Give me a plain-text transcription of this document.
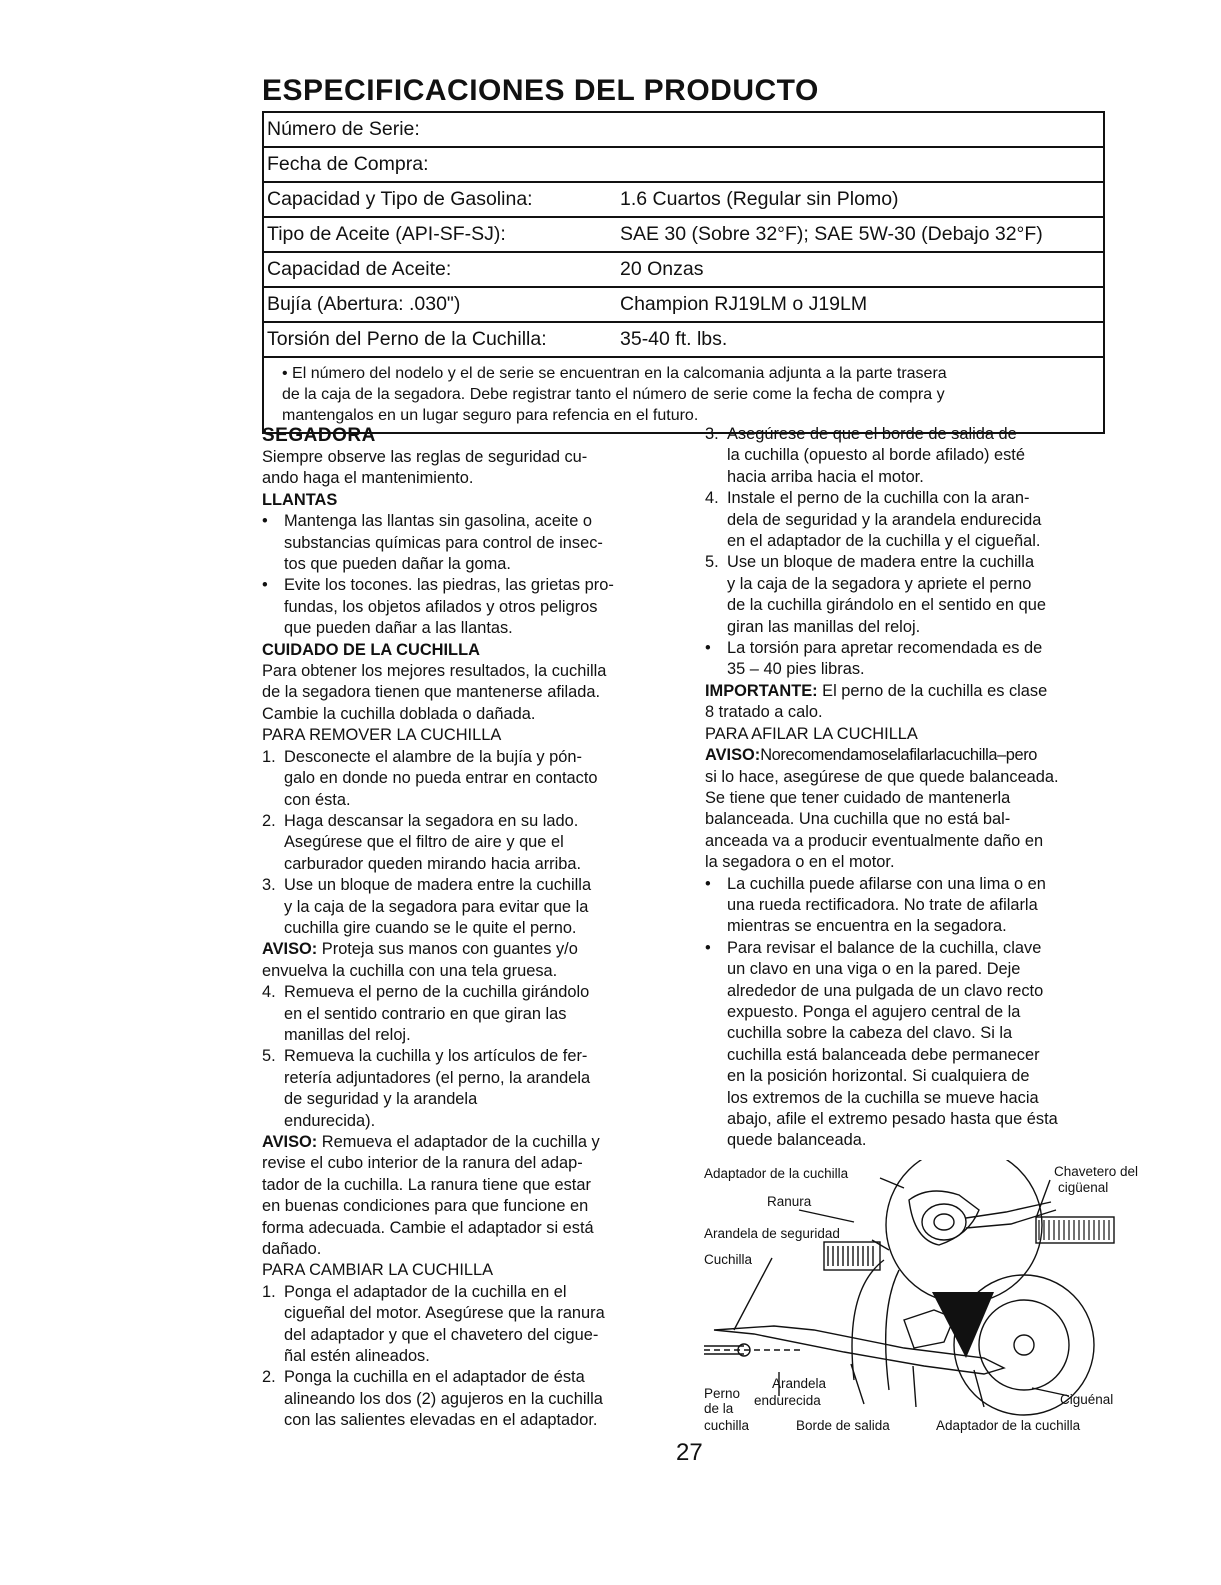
ESPECIFICACIONES DEL PRODUCTO
Número de Serie:
Fecha de Compra:
Capacidad y Tipo de Gasolina:	1.6 Cuartos (Regular sin Plomo)
Tipo de Aceite (API-SF-SJ):	SAE 30 (Sobre 32°F); SAE 5W-30 (Debajo 32°F)
Capacidad de Aceite:	20 Onzas
Bujía (Abertura: .030")	Champion RJ19LM o J19LM
Torsión del Perno de la Cuchilla:	35-40 ft. lbs.
• El número del nodelo y el de serie se encuentran en la calcomania adjunta a la parte trasera
de la caja de la segadora. Debe registrar tanto el número de serie come la fecha de compra y
mantengalos en un lugar seguro para refencia en el futuro.

SEGADORA

Siempre observe las reglas de seguridad cu-
ando haga el mantenimiento.

LLANTAS

• Mantenga las llantas sin gasolina, aceite o
substancias químicas para control de insec-
tos que pueden dañar la goma.
• Evite los tocones. las piedras, las grietas pro-
fundas, los objetos afilados y otros peligros
que pueden dañar a las llantas.

CUIDADO DE LA CUCHILLA

Para obtener los mejores resultados, la cuchilla
de la segadora tienen que mantenerse afilada.
Cambie la cuchilla doblada o dañada.

PARA REMOVER LA CUCHILLA

1. Desconecte el alambre de la bujía y pón-
galo en donde no pueda entrar en contacto
con ésta.
2. Haga descansar la segadora en su lado.
Asegúrese que el filtro de aire y que el
carburador queden mirando hacia arriba.
3. Use un bloque de madera entre la cuchilla
y la caja de la segadora para evitar que la
cuchilla gire cuando se le quite el perno.

AVISO: Proteja sus manos con guantes y/o
envuelva la cuchilla con una tela gruesa.

4. Remueva el perno de la cuchilla girándolo
en el sentido contrario en que giran las
manillas del reloj.
5. Remueva la cuchilla y los artículos de fer-
retería adjuntadores (el perno, la arandela
de seguridad y la arandela
endurecida).

AVISO: Remueva el adaptador de la cuchilla y
revise el cubo interior de la ranura del adap-
tador de la cuchilla. La ranura tiene que estar
en buenas condiciones para que funcione en
forma adecuada. Cambie el adaptador si está
dañado.

PARA CAMBIAR LA CUCHILLA

1. Ponga el adaptador de la cuchilla en el
cigueñal del motor. Asegúrese que la ranura
del adaptador y que el chavetero del cigue-
ñal estén alineados.
2. Ponga la cuchilla en el adaptador de ésta
alineando los dos (2) agujeros en la cuchilla
con las salientes elevadas en el adaptador.
3. Asegúrese de que el borde de salida de
la cuchilla (opuesto al borde afilado) esté
hacia arriba hacia el motor.
4. Instale el perno de la cuchilla con la aran-
dela de seguridad y la arandela endurecida
en el adaptador de la cuchilla y el cigueñal.
5. Use un bloque de madera entre la cuchilla
y la caja de la segadora y apriete el perno
de la cuchilla girándolo en el sentido en que
giran las manillas del reloj.
• La torsión para apretar recomendada es de
35 – 40 pies libras.

IMPORTANTE: El perno de la cuchilla es clase
8 tratado a calo.

PARA AFILAR LA CUCHILLA

AVISO:Norecomendamoselafilarlacuchilla–pero
si lo hace, asegúrese de que quede balanceada.
Se tiene que tener cuidado de mantenerla
balanceada. Una cuchilla que no está bal-
anceada va a producir eventualmente daño en
la segadora o en el motor.

• La cuchilla puede afilarse con una lima o en
una rueda rectificadora. No trate de afilarla
mientras se encuentra en la segadora.
• Para revisar el balance de la cuchilla, clave
un clavo en una viga o en la pared. Deje
alrededor de una pulgada de un clavo recto
expuesto. Ponga el agujero central de la
cuchilla sobre la cabeza del clavo. Si la
cuchilla está balanceada debe permanecer
en la posición horizontal. Si cualquiera de
los extremos de la cuchilla se mueve hacia
abajo, afile el extremo pesado hasta que ésta
quede balanceada.
Adaptador de la cuchilla
Ranura
Chavetero del
cigüenal
Arandela de seguridad
Cuchilla
Perno
de la
cuchilla
Arandela
endurecida
Borde de salida	Adaptador de la cuchilla
Ciguénal
27
